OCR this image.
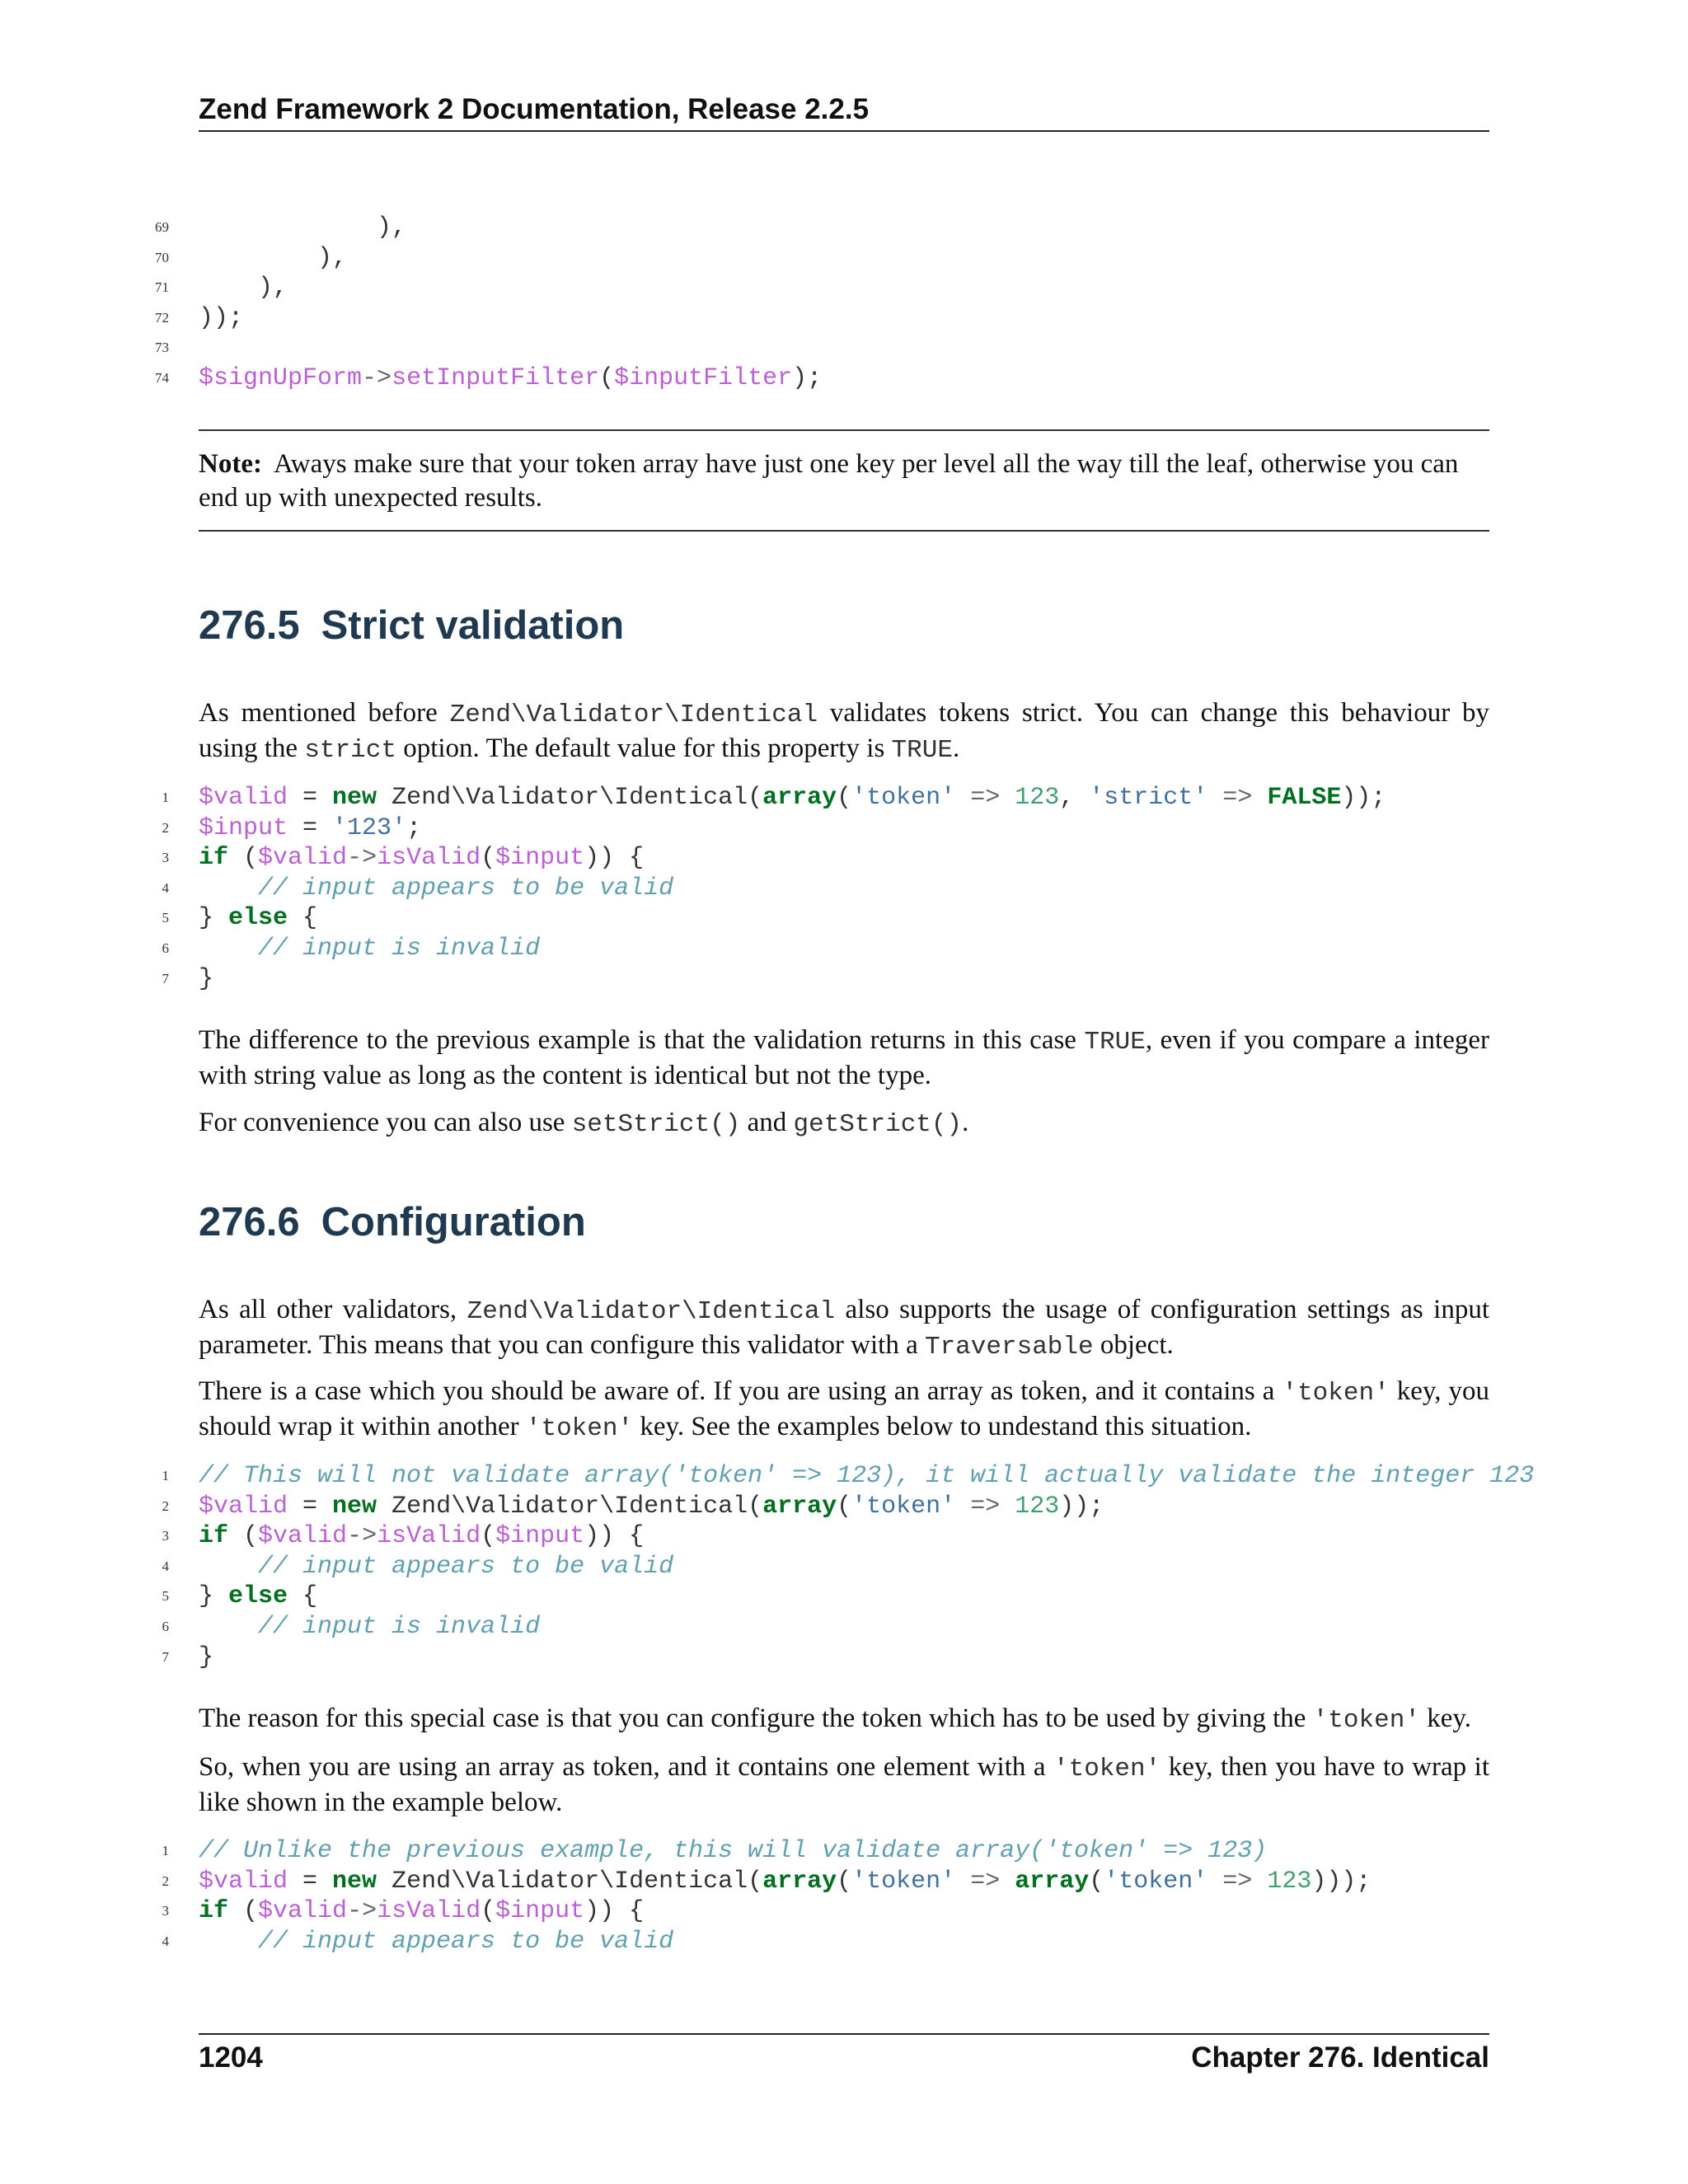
Zend Framework 2 Documentation, Release 2.2.5
69 ),
70 ),
71 ),
72 ));
73
74 $signUpForm->setInputFilter($inputFilter);
Note: Aways make sure that your token array have just one key per level all the way till the leaf, otherwise you can end up with unexpected results.
276.5 Strict validation

As mentioned before Zend\Validator\Identical validates tokens strict. You can change this behaviour by using the strict option. The default value for this property is TRUE.

1 $valid = new Zend\Validator\Identical(array('token' => 123, 'strict' => FALSE));
2 $input = '123';
3 if ($valid->isValid($input)) {
4	// input appears to be valid
5 } else {
6	// input is invalid
7 }

The difference to the previous example is that the validation returns in this case TRUE, even if you compare a integer with string value as long as the content is identical but not the type.

For convenience you can also use setStrict() and getStrict().

276.6 Configuration

As all other validators, Zend\Validator\Identical also supports the usage of configuration settings as input parameter. This means that you can configure this validator with a Traversable object.

There is a case which you should be aware of. If you are using an array as token, and it contains a 'token' key, you should wrap it within another 'token' key. See the examples below to undestand this situation.

1 // This will not validate array('token' => 123), it will actually validate the integer 123
2 $valid = new Zend\Validator\Identical(array('token' => 123));
3 if ($valid->isValid($input)) {
4	// input appears to be valid
5 } else {
6	// input is invalid
7 }

The reason for this special case is that you can configure the token which has to be used by giving the 'token' key.

So, when you are using an array as token, and it contains one element with a 'token' key, then you have to wrap it like shown in the example below.

1 // Unlike the previous example, this will validate array('token' => 123)
2 $valid = new Zend\Validator\Identical(array('token' => array('token' => 123)));
3 if ($valid->isValid($input)) {
4	// input appears to be valid
1204	Chapter 276. Identical
